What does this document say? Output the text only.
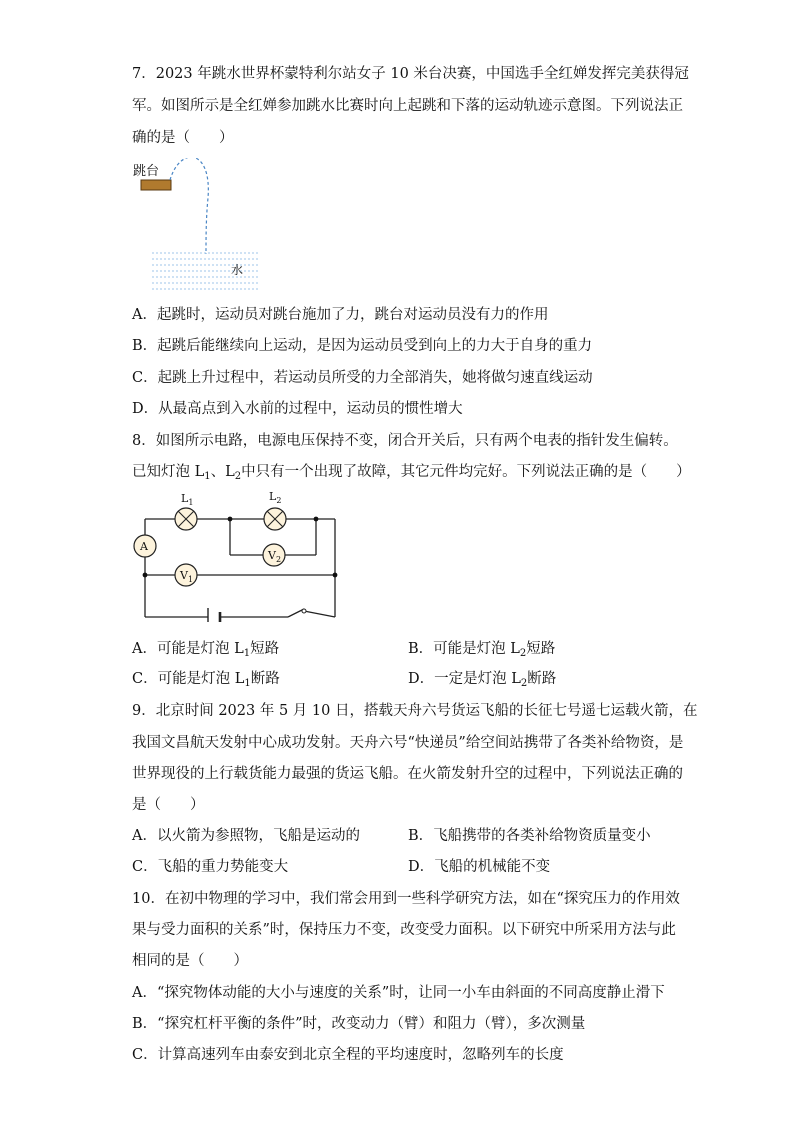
7．2023 年跳水世界杯蒙特利尔站女子 10 米台决赛，中国选手全红婵发挥完美获得冠
军。如图所示是全红婵参加跳水比赛时向上起跳和下落的运动轨迹示意图。下列说法正
确的是（　　）
跳台
水
A．起跳时，运动员对跳台施加了力，跳台对运动员没有力的作用
B．起跳后能继续向上运动，是因为运动员受到向上的力大于自身的重力
C．起跳上升过程中，若运动员所受的力全部消失，她将做匀速直线运动
D．从最高点到入水前的过程中，运动员的惯性增大
8．如图所示电路，电源电压保持不变，闭合开关后，只有两个电表的指针发生偏转。
已知灯泡 $L_1$、$L_2$中只有一个出现了故障，其它元件均完好。下列说法正确的是（　　）
$L_1$	$L_2$
A
$V_1$
$V_2$
A．可能是灯泡 $L_1$短路	B．可能是灯泡 $L_2$短路
C．可能是灯泡 $L_1$断路	D．一定是灯泡 $L_2$断路
9．北京时间 2023 年 5 月 10 日，搭载天舟六号货运飞船的长征七号遥七运载火箭，在
我国文昌航天发射中心成功发射。天舟六号“快递员”给空间站携带了各类补给物资，是
世界现役的上行载货能力最强的货运飞船。在火箭发射升空的过程中，下列说法正确的
是（　　）
A．以火箭为参照物，飞船是运动的	B．飞船携带的各类补给物资质量变小
C．飞船的重力势能变大	D．飞船的机械能不变
10．在初中物理的学习中，我们常会用到一些科学研究方法，如在“探究压力的作用效
果与受力面积的关系”时，保持压力不变，改变受力面积。以下研究中所采用方法与此
相同的是（　　）
A．“探究物体动能的大小与速度的关系”时，让同一小车由斜面的不同高度静止滑下
B．“探究杠杆平衡的条件”时，改变动力（臂）和阻力（臂），多次测量
C．计算高速列车由泰安到北京全程的平均速度时，忽略列车的长度
